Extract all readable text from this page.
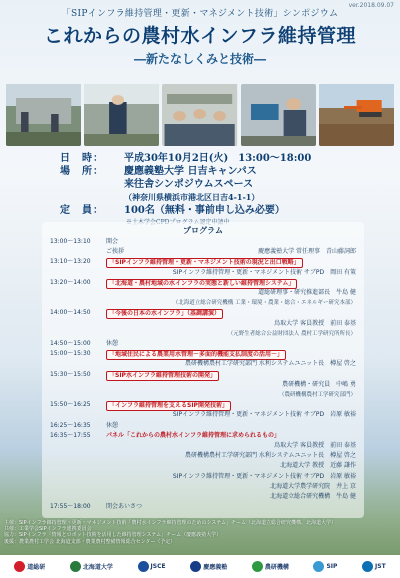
ver.2018.09.07
「SIPインフラ維持管理・更新・マネジメント技術」シンポジウム
これからの農村水インフラ維持管理
―新たなしくみと技術―
日　時：	平成30年10月2日(火)　13:00～18:00
場　所：	慶應義塾大学 日吉キャンパス
来往舎シンポジウムスペース
（神奈川県横浜市港北区日吉4-1-1）
定　員：	100名（無料・事前申し込み必要）
プログラム
13:00～13:10	開会
ご挨拶	慶應義塾大学 常任理事　青山藤詞郎
13:10～13:20	「SIPインフラ維持管理・更新・マネジメント技術の現況と出口戦略」
SIPインフラ維持管理・更新・マネジメント技術 サブPD　岡田 有策
13:20～14:00	「北海道・農村地域の水インフラの実態と新しい維持管理システム」
道総研理事・研究推進部長　牛島 健
（北海道立総合研究機構 工業・環境・農業・総合・エネルギー研究本部）
14:00～14:50	「今後の日本の水インフラ」（基調講演）
鳥取大学 客員教授　前田 泰基
（元野生者総合公益財団法人 農村工学研究所所長）
14:50～15:00	休憩
15:00～15:30	「地域住民による農業用水管理－多面的機能支払制度の活用－」
農研機構農村工学研究部門 水利システムユニット長　樽屋 啓之
15:30～15:50	「SIP水インフラ維持管理技術の開発」
農研機構・研究員　中嶋 勇
（農研機構農村工学研究部門）
15:50～16:25	「インフラ維持管理を支えるSIP開発技術」
SIPインフラ維持管理・更新・マネジメント技術 サブPD　岩原 敏裕
16:25～16:35	休憩
16:35～17:55	パネル「これからの農村水インフラ維持管理に求められるもの」
鳥取大学 客員教授　前田 泰基
農研機構農村工学研究部門 水利システムユニット長　樽屋 啓之
北海道大学 教授　近藤 謙作
SIPインフラ維持管理・更新・マネジメント技術 サブPD　岩原 敏裕
北海道大学農学研究院　井上 京
北海道立総合研究機構　牛島 健
17:55～18:00	閉会あいさつ
主催：SIPインフラ維持管理・更新・マネジメント技術「農村水インフラ維持管理のためのシステム」チーム（北海道立総合研究機構、北海道大学）
共催：工業学会SIPインフラ連携委員会
協力：SIPインフラ「情報とロボット技術を活用した維持管理システム」チーム（慶應義塾大学）
後援：農業農村工学会 北海道支部・農業農村整備情報総合センター（予定）
道総研	北海道大学	JSCE	慶應義塾	農研機構	SIP	JST
